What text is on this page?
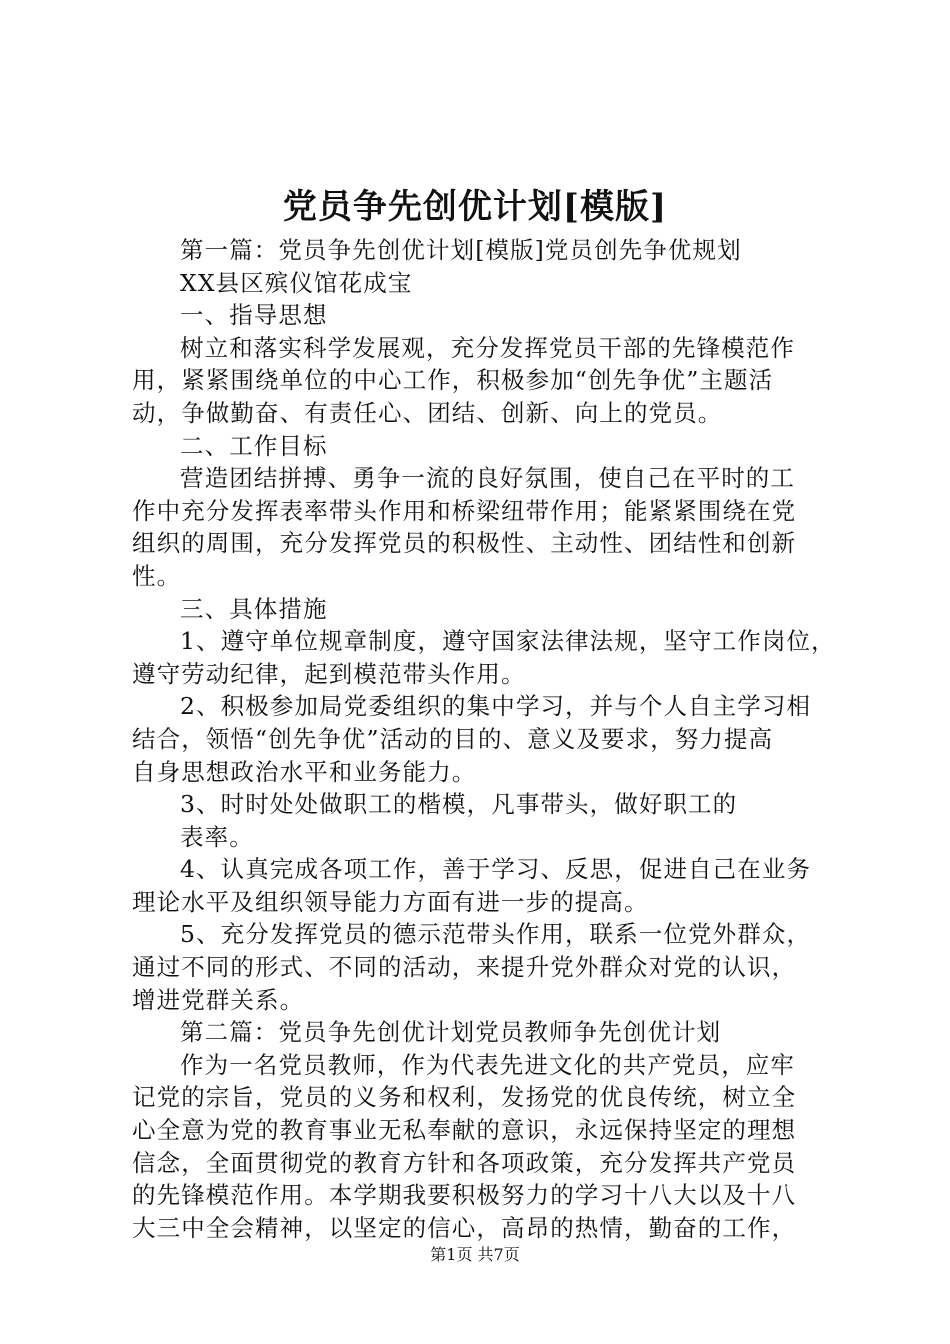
党员争先创优计划[模版]
第一篇：党员争先创优计划[模版]党员创先争优规划
XX县区殡仪馆花成宝
一、指导思想
树立和落实科学发展观，充分发挥党员干部的先锋模范作
用，紧紧围绕单位的中心工作，积极参加“创先争优”主题活
动，争做勤奋、有责任心、团结、创新、向上的党员。
二、工作目标
营造团结拼搏、勇争一流的良好氛围，使自己在平时的工
作中充分发挥表率带头作用和桥梁纽带作用；能紧紧围绕在党
组织的周围，充分发挥党员的积极性、主动性、团结性和创新
性。
三、具体措施
1、遵守单位规章制度，遵守国家法律法规，坚守工作岗位，
遵守劳动纪律，起到模范带头作用。
2、积极参加局党委组织的集中学习，并与个人自主学习相
结合，领悟“创先争优”活动的目的、意义及要求，努力提高
自身思想政治水平和业务能力。
3、时时处处做职工的楷模，凡事带头，做好职工的
表率。
4、认真完成各项工作，善于学习、反思，促进自己在业务
理论水平及组织领导能力方面有进一步的提高。
5、充分发挥党员的德示范带头作用，联系一位党外群众，
通过不同的形式、不同的活动，来提升党外群众对党的认识，
增进党群关系。
第二篇：党员争先创优计划党员教师争先创优计划
作为一名党员教师，作为代表先进文化的共产党员，应牢
记党的宗旨，党员的义务和权利，发扬党的优良传统，树立全
心全意为党的教育事业无私奉献的意识，永远保持坚定的理想
信念，全面贯彻党的教育方针和各项政策，充分发挥共产党员
的先锋模范作用。本学期我要积极努力的学习十八大以及十八
大三中全会精神，以坚定的信心，高昂的热情，勤奋的工作，
第1页 共7页
